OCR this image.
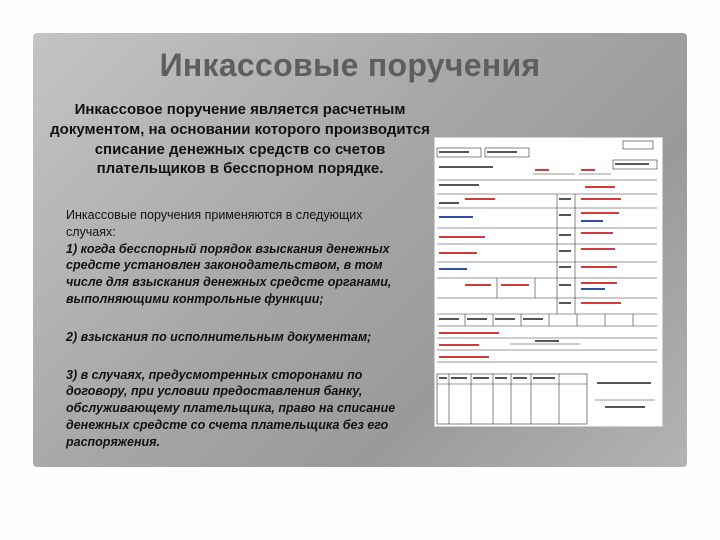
Инкассовые поручения

Инкассовое поручение является расчетным документом, на основании которого производится списание денежных средств со счетов плательщиков в бесспорном порядке.

Инкассовые поручения применяются в следующих случаях:

1) когда бесспорный порядок взыскания денежных средсте установлен законодательством, в том числе для взыскания денежных средсте органами, выполняющими контрольные функции;

2) взыскания по исполнительным документам;

3) в случаях, предусмотренных сторонами по договору, при условии предоставления банку, обслуживающему плательщика, право на списание денежных средсте со счета плательщика без его распоряжения.
